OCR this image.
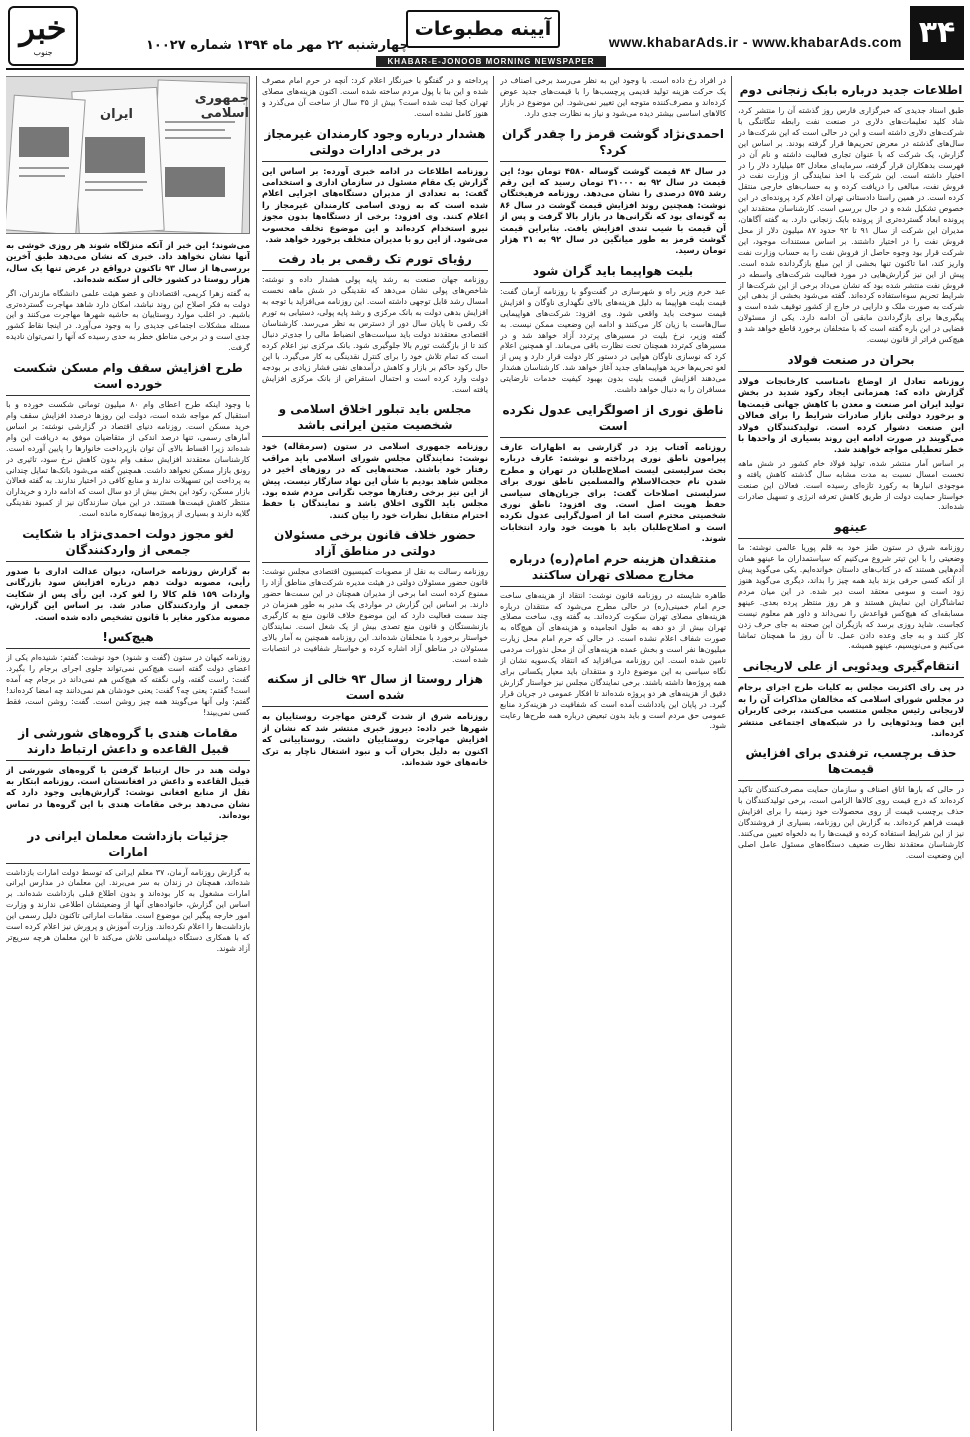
۳۴
www.khabarAds.ir - www.khabarAds.com
آیینه مطبوعات
چهارشنبه ۲۲ مهر ماه ۱۳۹۴ شماره ۱۰۰۲۷
KHABAR-E-JONOOB MORNING NEWSPAPER
خبر
جنوب
اطلاعات جدید درباره بابک زنجانی دوم

طبق اسناد جدیدی که خبرگزاری فارس روز گذشته آن را منتشر کرد، شاد کلید تعلیمات‌های دلاری در صنعت نفت رابطه تنگاتنگی با شرکت‌های دلاری داشته است و این در حالی است که این شرکت‌ها در سال‌های گذشته در معرض تحریم‌ها قرار گرفته بودند. بر اساس این گزارش، یک شرکت که با عنوان تجاری فعالیت داشته و نام آن در فهرست بدهکاران قرار گرفته، سرمایه‌ای معادل ۵۳ میلیارد دلار را در اختیار داشته است. این شرکت با اخذ نمایندگی از وزارت نفت در فروش نفت، مبالغی را دریافت کرده و به حساب‌های خارجی منتقل کرده است. در همین راستا دادستانی تهران اعلام کرد پرونده‌ای در این خصوص تشکیل شده و در حال بررسی است. کارشناسان معتقدند این پرونده ابعاد گسترده‌تری از پرونده بابک زنجانی دارد. به گفته آگاهان، مدیران این شرکت از سال ۹۱ تا ۹۲ حدود ۸۷ میلیون دلار از محل فروش نفت را در اختیار داشتند. بر اساس مستندات موجود، این شرکت قرار بود وجوه حاصل از فروش نفت را به حساب وزارت نفت واریز کند، اما تاکنون تنها بخشی از این مبلغ بازگردانده شده است. پیش از این نیز گزارش‌هایی در مورد فعالیت شرکت‌های واسطه در فروش نفت منتشر شده بود که نشان می‌داد برخی از این شرکت‌ها از شرایط تحریم سوءاستفاده کرده‌اند. گفته می‌شود بخشی از بدهی این شرکت به صورت ملک و دارایی در خارج از کشور توقیف شده است و پیگیری‌ها برای بازگرداندن مابقی آن ادامه دارد. یکی از مسئولان قضایی در این باره گفته است که با متخلفان برخورد قاطع خواهد شد و هیچ‌کس فراتر از قانون نیست.

بحران در صنعت فولاد

روزنامه تعادل از اوضاع نامناسب کارخانجات فولاد گزارش داده که: همزمانی ایجاد رکود شدید در بخش تولید ایران امر صنعت و معدن با کاهش جهانی قیمت‌ها و برخورد دولتی بازار صادرات شرایط را برای فعالان این صنعت دشوار کرده است. تولیدکنندگان فولاد می‌گویند در صورت ادامه این روند بسیاری از واحدها با خطر تعطیلی مواجه خواهند شد.

بر اساس آمار منتشر شده، تولید فولاد خام کشور در شش ماهه نخست امسال نسبت به مدت مشابه سال گذشته کاهش یافته و موجودی انبارها به رکورد تازه‌ای رسیده است. فعالان این صنعت خواستار حمایت دولت از طریق کاهش تعرفه انرژی و تسهیل صادرات شده‌اند.

عینهو

روزنامه شرق در ستون طنز خود به قلم پوریا عالمی نوشته: ما وضعیتی را با این تیتر شروع می‌کنیم که سیاستمداران ما عینهو همان آدم‌هایی هستند که در کتاب‌های داستان خوانده‌ایم. یکی می‌گوید پیش از آنکه کسی حرفی بزند باید همه چیز را بداند، دیگری می‌گوید هنوز زود است و سومی معتقد است دیر شده. در این میان مردم تماشاگران این نمایش هستند و هر روز منتظر پرده بعدی. عینهو مسابقه‌ای که هیچ‌کس قواعدش را نمی‌داند و داور هم معلوم نیست کجاست. شاید روزی برسد که بازیگران این صحنه به جای حرف زدن کار کنند و به جای وعده دادن عمل. تا آن روز ما همچنان تماشا می‌کنیم و می‌نویسیم، عینهو همیشه.

انتقام‌گیری ویدئویی از علی لاریجانی

در پی رای اکثریت مجلس به کلیات طرح اجرای برجام در مجلس شورای اسلامی که مخالفان مذاکرات آن را به لاریجانی رئیس مجلس منتسب می‌کنند، برخی کاربران این فضا ویدئوهایی را در شبکه‌های اجتماعی منتشر کرده‌اند.

حذف برچسب، ترفندی برای افزایش قیمت‌ها

در حالی که بارها اتاق اصناف و سازمان حمایت مصرف‌کنندگان تاکید کرده‌اند که درج قیمت روی کالاها الزامی است، برخی تولیدکنندگان با حذف برچسب قیمت از روی محصولات خود زمینه را برای افزایش قیمت فراهم کرده‌اند. به گزارش این روزنامه، بسیاری از فروشندگان نیز از این شرایط استفاده کرده و قیمت‌ها را به دلخواه تعیین می‌کنند. کارشناسان معتقدند نظارت ضعیف دستگاه‌های مسئول عامل اصلی این وضعیت است.

در افراد رخ داده است. با وجود این به نظر می‌رسد برخی اصناف در یک حرکت هزینه تولید قدیمی پرچسب‌ها را با قیمت‌های جدید عوض کرده‌اند و مصرف‌کننده متوجه این تغییر نمی‌شود. این موضوع در بازار کالاهای اساسی بیشتر دیده می‌شود و نیاز به نظارت جدی دارد.

احمدی‌نژاد گوشت قرمز را چقدر گران کرد؟

در سال ۸۴ قیمت گوشت گوساله ۴۵۸۰ تومان بود؛ این قیمت در سال ۹۲ به ۳۱۰۰۰ تومان رسید که این رقم رشد ۵۷۵ درصدی را نشان می‌دهد. روزنامه فرهیختگان نوشت: همچنین روند افزایش قیمت گوشت در سال ۸۶ به گونه‌ای بود که نگرانی‌ها در بازار بالا گرفت و پس از آن قیمت با شیب تندی افزایش یافت. بنابراین قیمت گوشت قرمز به طور میانگین در سال ۹۲ به ۳۱ هزار تومان رسید.

بلیت هواپیما باید گران شود

عبد خرم وزیر راه و شهرسازی در گفت‌وگو با روزنامه آرمان گفت: قیمت بلیت هواپیما به دلیل هزینه‌های بالای نگهداری ناوگان و افزایش قیمت سوخت باید واقعی شود. وی افزود: شرکت‌های هواپیمایی سال‌هاست با زیان کار می‌کنند و ادامه این وضعیت ممکن نیست. به گفته وزیر، نرخ بلیت در مسیرهای پرتردد آزاد خواهد شد و در مسیرهای کم‌تردد همچنان تحت نظارت باقی می‌ماند. او همچنین اعلام کرد که نوسازی ناوگان هوایی در دستور کار دولت قرار دارد و پس از لغو تحریم‌ها خرید هواپیماهای جدید آغاز خواهد شد. کارشناسان هشدار می‌دهند افزایش قیمت بلیت بدون بهبود کیفیت خدمات نارضایتی مسافران را به دنبال خواهد داشت.

ناطق نوری از اصولگرایی عدول نکرده است

روزنامه آفتاب یزد در گزارشی به اظهارات عارف پیرامون ناطق نوری پرداخته و نوشته: عارف درباره بحث سرلیستی لیست اصلاح‌طلبان در تهران و مطرح شدن نام حجت‌الاسلام والمسلمین ناطق نوری برای سرلیستی اصلاحات گفت: برای جریان‌های سیاسی حفظ هویت اصل است. وی افزود: ناطق نوری شخصیتی محترم است اما از اصول‌گرایی عدول نکرده است و اصلاح‌طلبان باید با هویت خود وارد انتخابات شوند.

منتقدان هزینه حرم امام(ره) درباره مخارج مصلای تهران ساکتند

طاهره شایسته در روزنامه قانون نوشت: انتقاد از هزینه‌های ساخت حرم امام خمینی(ره) در حالی مطرح می‌شود که منتقدان درباره هزینه‌های مصلای تهران سکوت کرده‌اند. به گفته وی، ساخت مصلای تهران بیش از دو دهه به طول انجامیده و هزینه‌های آن هیچ‌گاه به صورت شفاف اعلام نشده است. در حالی که حرم امام محل زیارت میلیون‌ها نفر است و بخش عمده هزینه‌های آن از محل نذورات مردمی تامین شده است. این روزنامه می‌افزاید که انتقاد یک‌سویه نشان از نگاه سیاسی به این موضوع دارد و منتقدان باید معیار یکسانی برای همه پروژه‌ها داشته باشند. برخی نمایندگان مجلس نیز خواستار گزارش دقیق از هزینه‌های هر دو پروژه شده‌اند تا افکار عمومی در جریان قرار گیرد. در پایان این یادداشت آمده است که شفافیت در هزینه‌کرد منابع عمومی حق مردم است و باید بدون تبعیض درباره همه طرح‌ها رعایت شود.

پرداخته و در گفتگو با خبرنگار اعلام کرد: آنچه در حرم امام مصرف شده و این بنا با پول مردم ساخته شده است. اکنون هزینه‌های مصلای تهران کجا ثبت شده است؟ بیش از ۳۵ سال از ساخت آن می‌گذرد و هنوز کامل نشده است.

هشدار درباره وجود کارمندان غیرمجاز در برخی ادارات دولتی

روزنامه اطلاعات در ادامه خبری آورده: بر اساس این گزارش یک مقام مسئول در سازمان اداری و استخدامی گفت: به تعدادی از مدیران دستگاه‌های اجرایی اعلام شده است که به زودی اسامی کارمندان غیرمجاز را اعلام کنند. وی افزود: برخی از دستگاه‌ها بدون مجوز نیرو استخدام کرده‌اند و این موضوع تخلف محسوب می‌شود. از این رو با مدیران متخلف برخورد خواهد شد.

رؤیای تورم تک رقمی بر باد رفت

روزنامه جهان صنعت به رشد پایه پولی هشدار داده و نوشته: شاخص‌های پولی نشان می‌دهد که نقدینگی در شش ماهه نخست امسال رشد قابل توجهی داشته است. این روزنامه می‌افزاید با توجه به افزایش بدهی دولت به بانک مرکزی و رشد پایه پولی، دستیابی به تورم تک رقمی تا پایان سال دور از دسترس به نظر می‌رسد. کارشناسان اقتصادی معتقدند دولت باید سیاست‌های انضباط مالی را جدی‌تر دنبال کند تا از بازگشت تورم بالا جلوگیری شود. بانک مرکزی نیز اعلام کرده است که تمام تلاش خود را برای کنترل نقدینگی به کار می‌گیرد. با این حال رکود حاکم بر بازار و کاهش درآمدهای نفتی فشار زیادی بر بودجه دولت وارد کرده است و احتمال استقراض از بانک مرکزی افزایش یافته است.

مجلس باید تبلور اخلاق اسلامی و شخصیت متین ایرانی باشد

روزنامه جمهوری اسلامی در ستون (سرمقاله) خود نوشت: نمایندگان مجلس شورای اسلامی باید مراقب رفتار خود باشند. صحنه‌هایی که در روزهای اخیر در مجلس شاهد بودیم با شأن این نهاد سازگار نیست. پیش از این نیز برخی رفتارها موجب نگرانی مردم شده بود. مجلس باید الگوی اخلاق باشد و نمایندگان با حفظ احترام متقابل نظرات خود را بیان کنند.

حضور خلاف قانون برخی مسئولان دولتی در مناطق آزاد

روزنامه رسالت به نقل از مصوبات کمیسیون اقتصادی مجلس نوشت: قانون حضور مسئولان دولتی در هیئت مدیره شرکت‌های مناطق آزاد را ممنوع کرده است اما برخی از مدیران همچنان در این سمت‌ها حضور دارند. بر اساس این گزارش در مواردی یک مدیر به طور همزمان در چند سمت فعالیت دارد که این موضوع خلاف قانون منع به کارگیری بازنشستگان و قانون منع تصدی بیش از یک شغل است. نمایندگان خواستار برخورد با متخلفان شده‌اند. این روزنامه همچنین به آمار بالای مسئولان در مناطق آزاد اشاره کرده و خواستار شفافیت در انتصابات شده است.

هزار روستا از سال ۹۳ خالی از سکنه شده است

روزنامه شرق از شدت گرفتن مهاجرت روستاییان به شهرها خبر داده: دیروز خبری منتشر شد که نشان از افزایش مهاجرت روستاییان داشت. روستاییانی که اکنون به دلیل بحران آب و نبود اشتغال ناچار به ترک خانه‌های خود شده‌اند.

جمهوری اسلامی
ایران

می‌شوند؛ این خبر از آنکه منزلگاه شوند هر روزی خوشی به آنها نشان نخواهد داد. خبری که نشان می‌دهد طبق آخرین بررسی‌ها از سال ۹۳ تاکنون درواقع در عرض تنها یک سال، هزار روستا در کشور خالی از سکنه شده‌اند.

به گفته زهرا کریمی، اقتصاددان و عضو هیئت علمی دانشگاه مازندران، اگر دولت به فکر اصلاح این روند نباشد، امکان دارد شاهد مهاجرت گسترده‌تری باشیم. در اغلب موارد روستاییان به حاشیه شهرها مهاجرت می‌کنند و این مسئله مشکلات اجتماعی جدیدی را به وجود می‌آورد. در اینجا نقاط کشور جدی است و در برخی مناطق خطر به حدی رسیده که آنها را نمی‌توان نادیده گرفت.

طرح افزایش سقف وام مسکن شکست خورده است

با وجود اینکه طرح اعطای وام ۸۰ میلیون تومانی شکست خورده و با استقبال کم مواجه شده است، دولت این روزها درصدد افزایش سقف وام خرید مسکن است. روزنامه دنیای اقتصاد در گزارشی نوشته: بر اساس آمارهای رسمی، تنها درصد اندکی از متقاضیان موفق به دریافت این وام شده‌اند زیرا اقساط بالای آن توان بازپرداخت خانوارها را پایین آورده است. کارشناسان معتقدند افزایش سقف وام بدون کاهش نرخ سود، تاثیری در رونق بازار مسکن نخواهد داشت. همچنین گفته می‌شود بانک‌ها تمایل چندانی به پرداخت این تسهیلات ندارند و منابع کافی در اختیار ندارند. به گفته فعالان بازار مسکن، رکود این بخش بیش از دو سال است که ادامه دارد و خریداران منتظر کاهش قیمت‌ها هستند. در این میان سازندگان نیز از کمبود نقدینگی گلایه دارند و بسیاری از پروژه‌ها نیمه‌کاره مانده است.

لغو مجوز دولت احمدی‌نژاد با شکایت جمعی از وارد‌کنندگان

به گزارش روزنامه خراسان، دیوان عدالت اداری با صدور رأیی، مصوبه دولت دهم درباره افزایش سود بازرگانی واردات ۱۵۹ قلم کالا را لغو کرد. این رأی پس از شکایت جمعی از وارد‌کنندگان صادر شد. بر اساس این گزارش، مصوبه مذکور مغایر با قانون تشخیص داده شده است.

هیچ‌کس!

روزنامه کیهان در ستون (گفت و شنود) خود نوشت: گفتم: شنیده‌ام یکی از اعضای دولت گفته است هیچ‌کس نمی‌تواند جلوی اجرای برجام را بگیرد. گفت: راست گفته، ولی نگفته که هیچ‌کس هم نمی‌داند در برجام چه آمده است! گفتم: یعنی چه؟ گفت: یعنی خودشان هم نمی‌دانند چه امضا کرده‌اند! گفتم: ولی آنها می‌گویند همه چیز روشن است. گفت: روشن است، فقط کسی نمی‌بیند!

مقامات هندی با گروه‌های شورشی از قبیل القاعده و داعش ارتباط دارند

دولت هند در حال ارتباط گرفتن با گروه‌های شورشی از قبیل القاعده و داعش در افغانستان است. روزنامه ابتکار به نقل از منابع افغانی نوشت: گزارش‌هایی وجود دارد که نشان می‌دهد برخی مقامات هندی با این گروه‌ها در تماس بوده‌اند.

جزئیات بازداشت معلمان ایرانی در امارات

به گزارش روزنامه آرمان، ۳۷ معلم ایرانی که توسط دولت امارات بازداشت شده‌اند، همچنان در زندان به سر می‌برند. این معلمان در مدارس ایرانی امارات مشغول به کار بوده‌اند و بدون اطلاع قبلی بازداشت شده‌اند. بر اساس این گزارش، خانواده‌های آنها از وضعیتشان اطلاعی ندارند و وزارت امور خارجه پیگیر این موضوع است. مقامات اماراتی تاکنون دلیل رسمی این بازداشت‌ها را اعلام نکرده‌اند. وزارت آموزش و پرورش نیز اعلام کرده است که با همکاری دستگاه دیپلماسی تلاش می‌کند تا این معلمان هرچه سریع‌تر آزاد شوند.
